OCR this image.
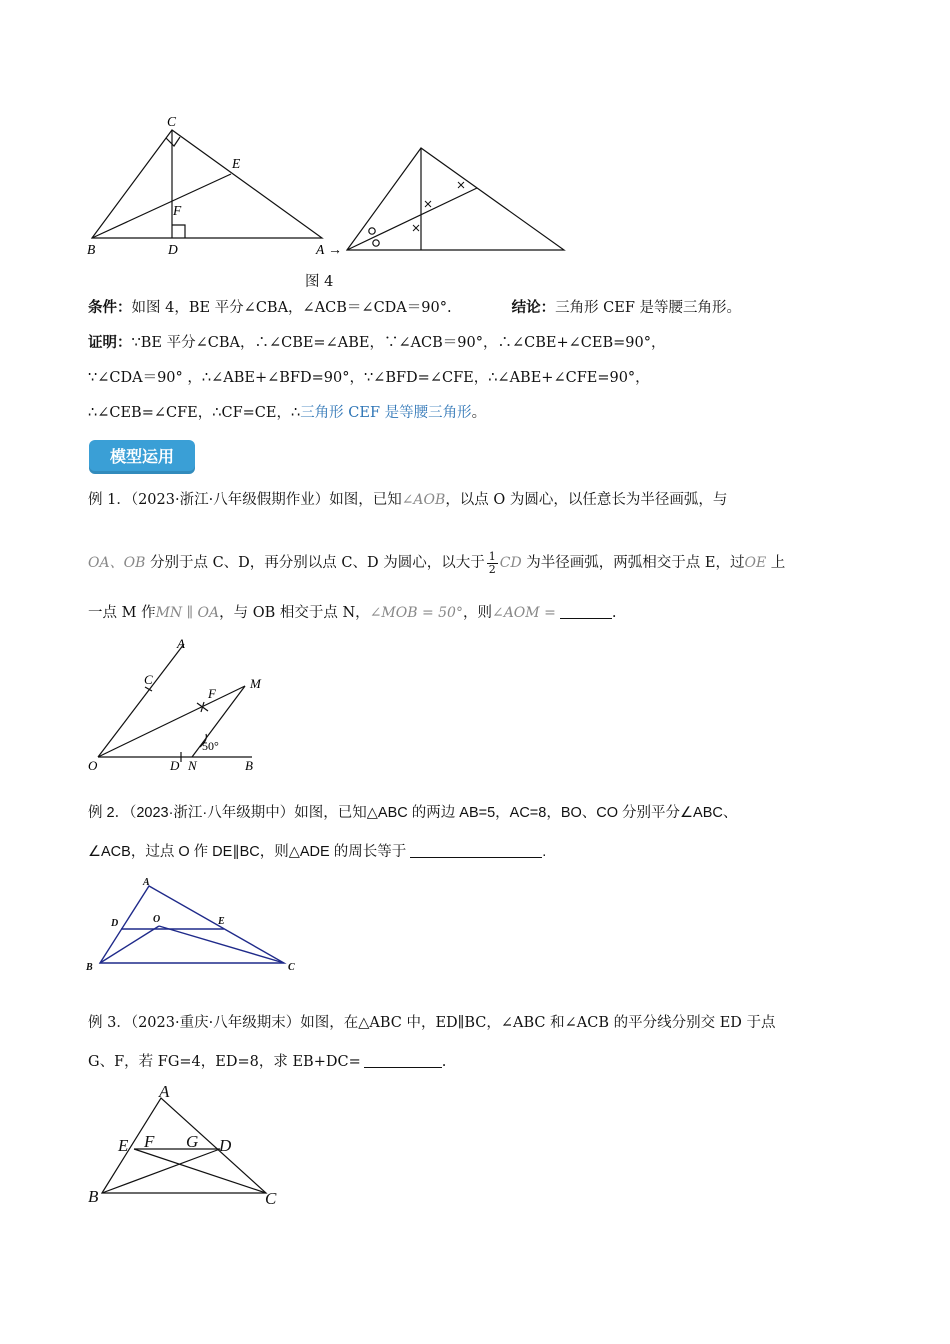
C
E
F
B	D	A →
图 4
条件：如图 4，BE 平分∠CBA，∠ACB＝∠CDA＝90°.	结论：三角形 CEF 是等腰三角形。
证明：∵BE 平分∠CBA，∴∠CBE=∠ABE，∵∠ACB＝90°，∴∠CBE+∠CEB=90°，
∵∠CDA＝90° ，∴∠ABE+∠BFD=90°，∵∠BFD=∠CFE，∴∠ABE+∠CFE=90°，
∴∠CEB=∠CFE，∴CF=CE，∴三角形 CEF 是等腰三角形。
模型运用
例 1．（2023·浙江·八年级假期作业）如图，已知∠AOB，以点 O 为圆心，以任意长为半径画弧，与
OA、OB 分别于点 C、D，再分别以点 C、D 为圆心，以大于 $\frac{1}{2}$ CD 为半径画弧，两弧相交于点 E，过OE 上
一点 M 作MN ∥ OA，与 OB 相交于点 N，∠MOB = 50°，则∠AOM =	.
A
C
F
M
O	D N	B
50°
例 2．（2023·浙江·八年级期中）如图，已知△ABC 的两边 AB=5，AC=8，BO、CO 分别平分∠ABC、
∠ACB，过点 O 作 DE∥BC，则△ADE 的周长等于	.
A
D	O	E
B	C
例 3．（2023·重庆·八年级期末）如图，在△ABC 中，ED∥BC，∠ABC 和∠ACB 的平分线分别交 ED 于点
G、F，若 FG=4，ED=8，求 EB+DC=	.
A
E F G D
B	C
